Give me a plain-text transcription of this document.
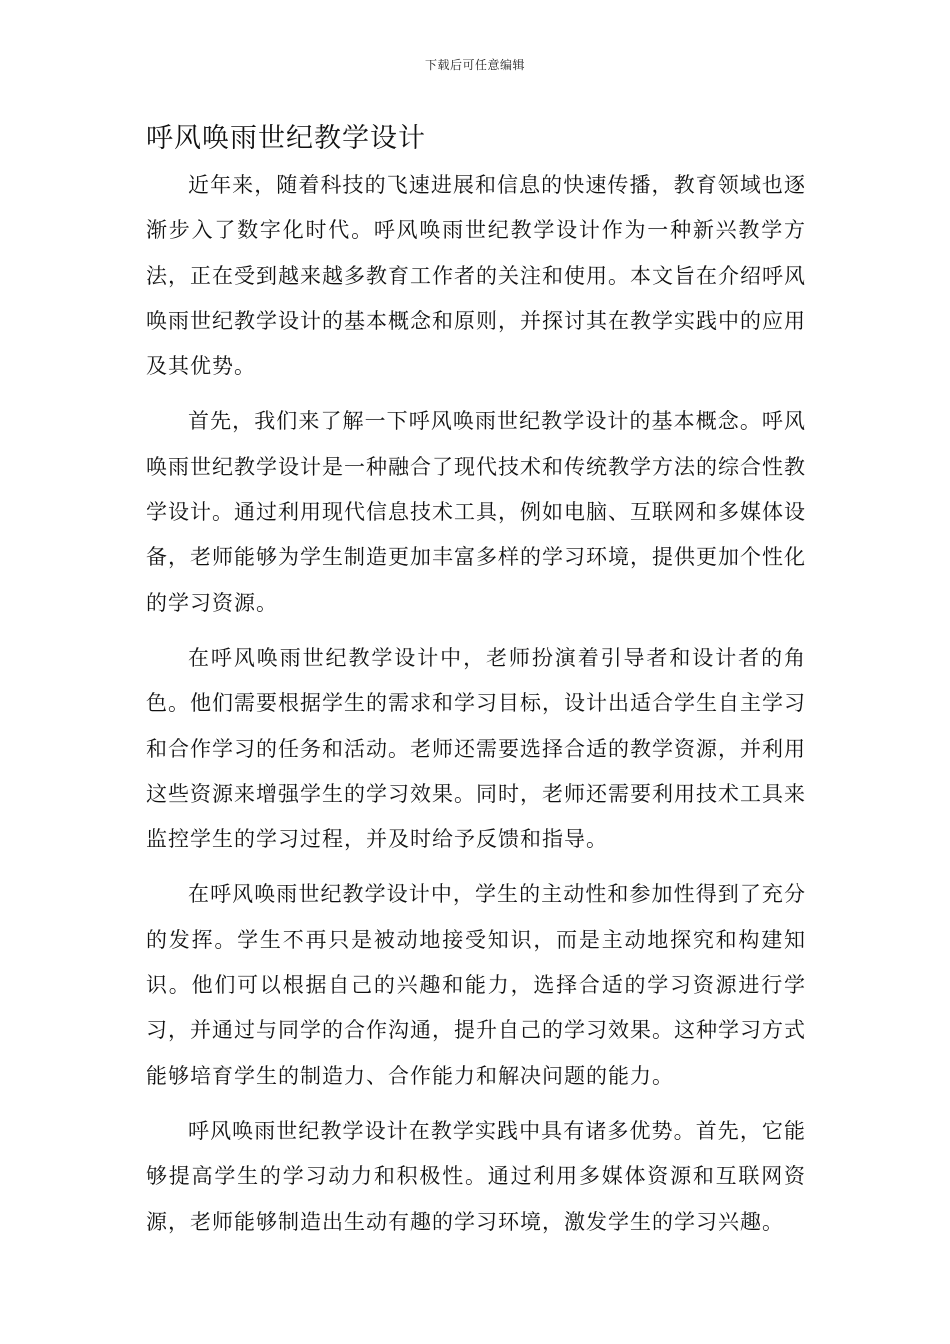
下载后可任意编辑
呼风唤雨世纪教学设计

近年来，随着科技的飞速进展和信息的快速传播，教育领域也逐渐步入了数字化时代。呼风唤雨世纪教学设计作为一种新兴教学方法，正在受到越来越多教育工作者的关注和使用。本文旨在介绍呼风唤雨世纪教学设计的基本概念和原则，并探讨其在教学实践中的应用及其优势。

首先，我们来了解一下呼风唤雨世纪教学设计的基本概念。呼风唤雨世纪教学设计是一种融合了现代技术和传统教学方法的综合性教学设计。通过利用现代信息技术工具，例如电脑、互联网和多媒体设备，老师能够为学生制造更加丰富多样的学习环境，提供更加个性化的学习资源。

在呼风唤雨世纪教学设计中，老师扮演着引导者和设计者的角色。他们需要根据学生的需求和学习目标，设计出适合学生自主学习和合作学习的任务和活动。老师还需要选择合适的教学资源，并利用这些资源来增强学生的学习效果。同时，老师还需要利用技术工具来监控学生的学习过程，并及时给予反馈和指导。

在呼风唤雨世纪教学设计中，学生的主动性和参加性得到了充分的发挥。学生不再只是被动地接受知识，而是主动地探究和构建知识。他们可以根据自己的兴趣和能力，选择合适的学习资源进行学习，并通过与同学的合作沟通，提升自己的学习效果。这种学习方式能够培育学生的制造力、合作能力和解决问题的能力。

呼风唤雨世纪教学设计在教学实践中具有诸多优势。首先，它能够提高学生的学习动力和积极性。通过利用多媒体资源和互联网资源，老师能够制造出生动有趣的学习环境，激发学生的学习兴趣。
